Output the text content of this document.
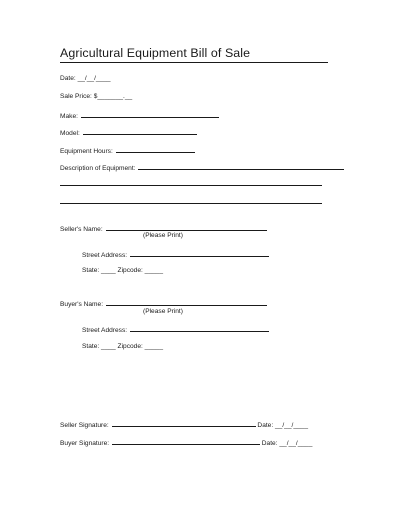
Agricultural Equipment Bill of Sale
Date: __/__/____
Sale Price: $_______.__
Make:
Model:
Equipment Hours:
Description of Equipment:
Seller's Name:
(Please Print)
Street Address:
State: ____ Zipcode: _____
Buyer's Name:
(Please Print)
Street Address:
State: ____ Zipcode: _____
Seller Signature:	Date: __/__/____
Buyer Signature:	Date: __/__/____
